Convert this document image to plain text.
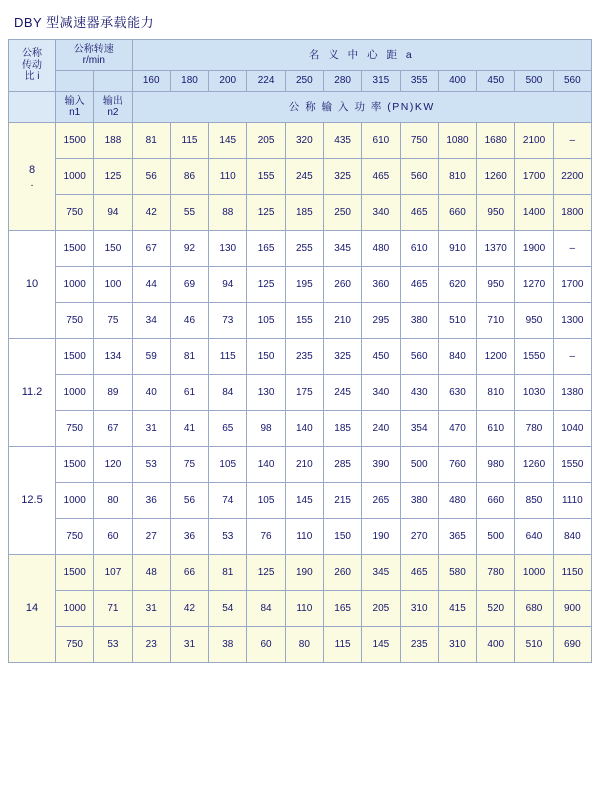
DBY 型减速器承载能力
公称
传动
比 i

公称转速
r/min	名 义 中 心 距 a
			160	180	200	224	250	280	315	355	400	450	500	560

输入
n1

输出
n2	公 称 输 入 功 率 (PN)KW

8
.	1500	188	81	115	145	205	320	435	610	750	1080	1680	2100	–
	1000	125	56	86	110	155	245	325	465	560	810	1260	1700	2200
	750	94	42	55	88	125	185	250	340	465	660	950	1400	1800

10	1500	150	67	92	130	165	255	345	480	610	910	1370	1900	–
	1000	100	44	69	94	125	195	260	360	465	620	950	1270	1700
	750	75	34	46	73	105	155	210	295	380	510	710	950	1300

11.2	1500	134	59	81	115	150	235	325	450	560	840	1200	1550	–
	1000	89	40	61	84	130	175	245	340	430	630	810	1030	1380
	750	67	31	41	65	98	140	185	240	354	470	610	780	1040

12.5	1500	120	53	75	105	140	210	285	390	500	760	980	1260	1550
	1000	80	36	56	74	105	145	215	265	380	480	660	850	1110
	750	60	27	36	53	76	110	150	190	270	365	500	640	840

14	1500	107	48	66	81	125	190	260	345	465	580	780	1000	1150
	1000	71	31	42	54	84	110	165	205	310	415	520	680	900
	750	53	23	31	38	60	80	115	145	235	310	400	510	690
